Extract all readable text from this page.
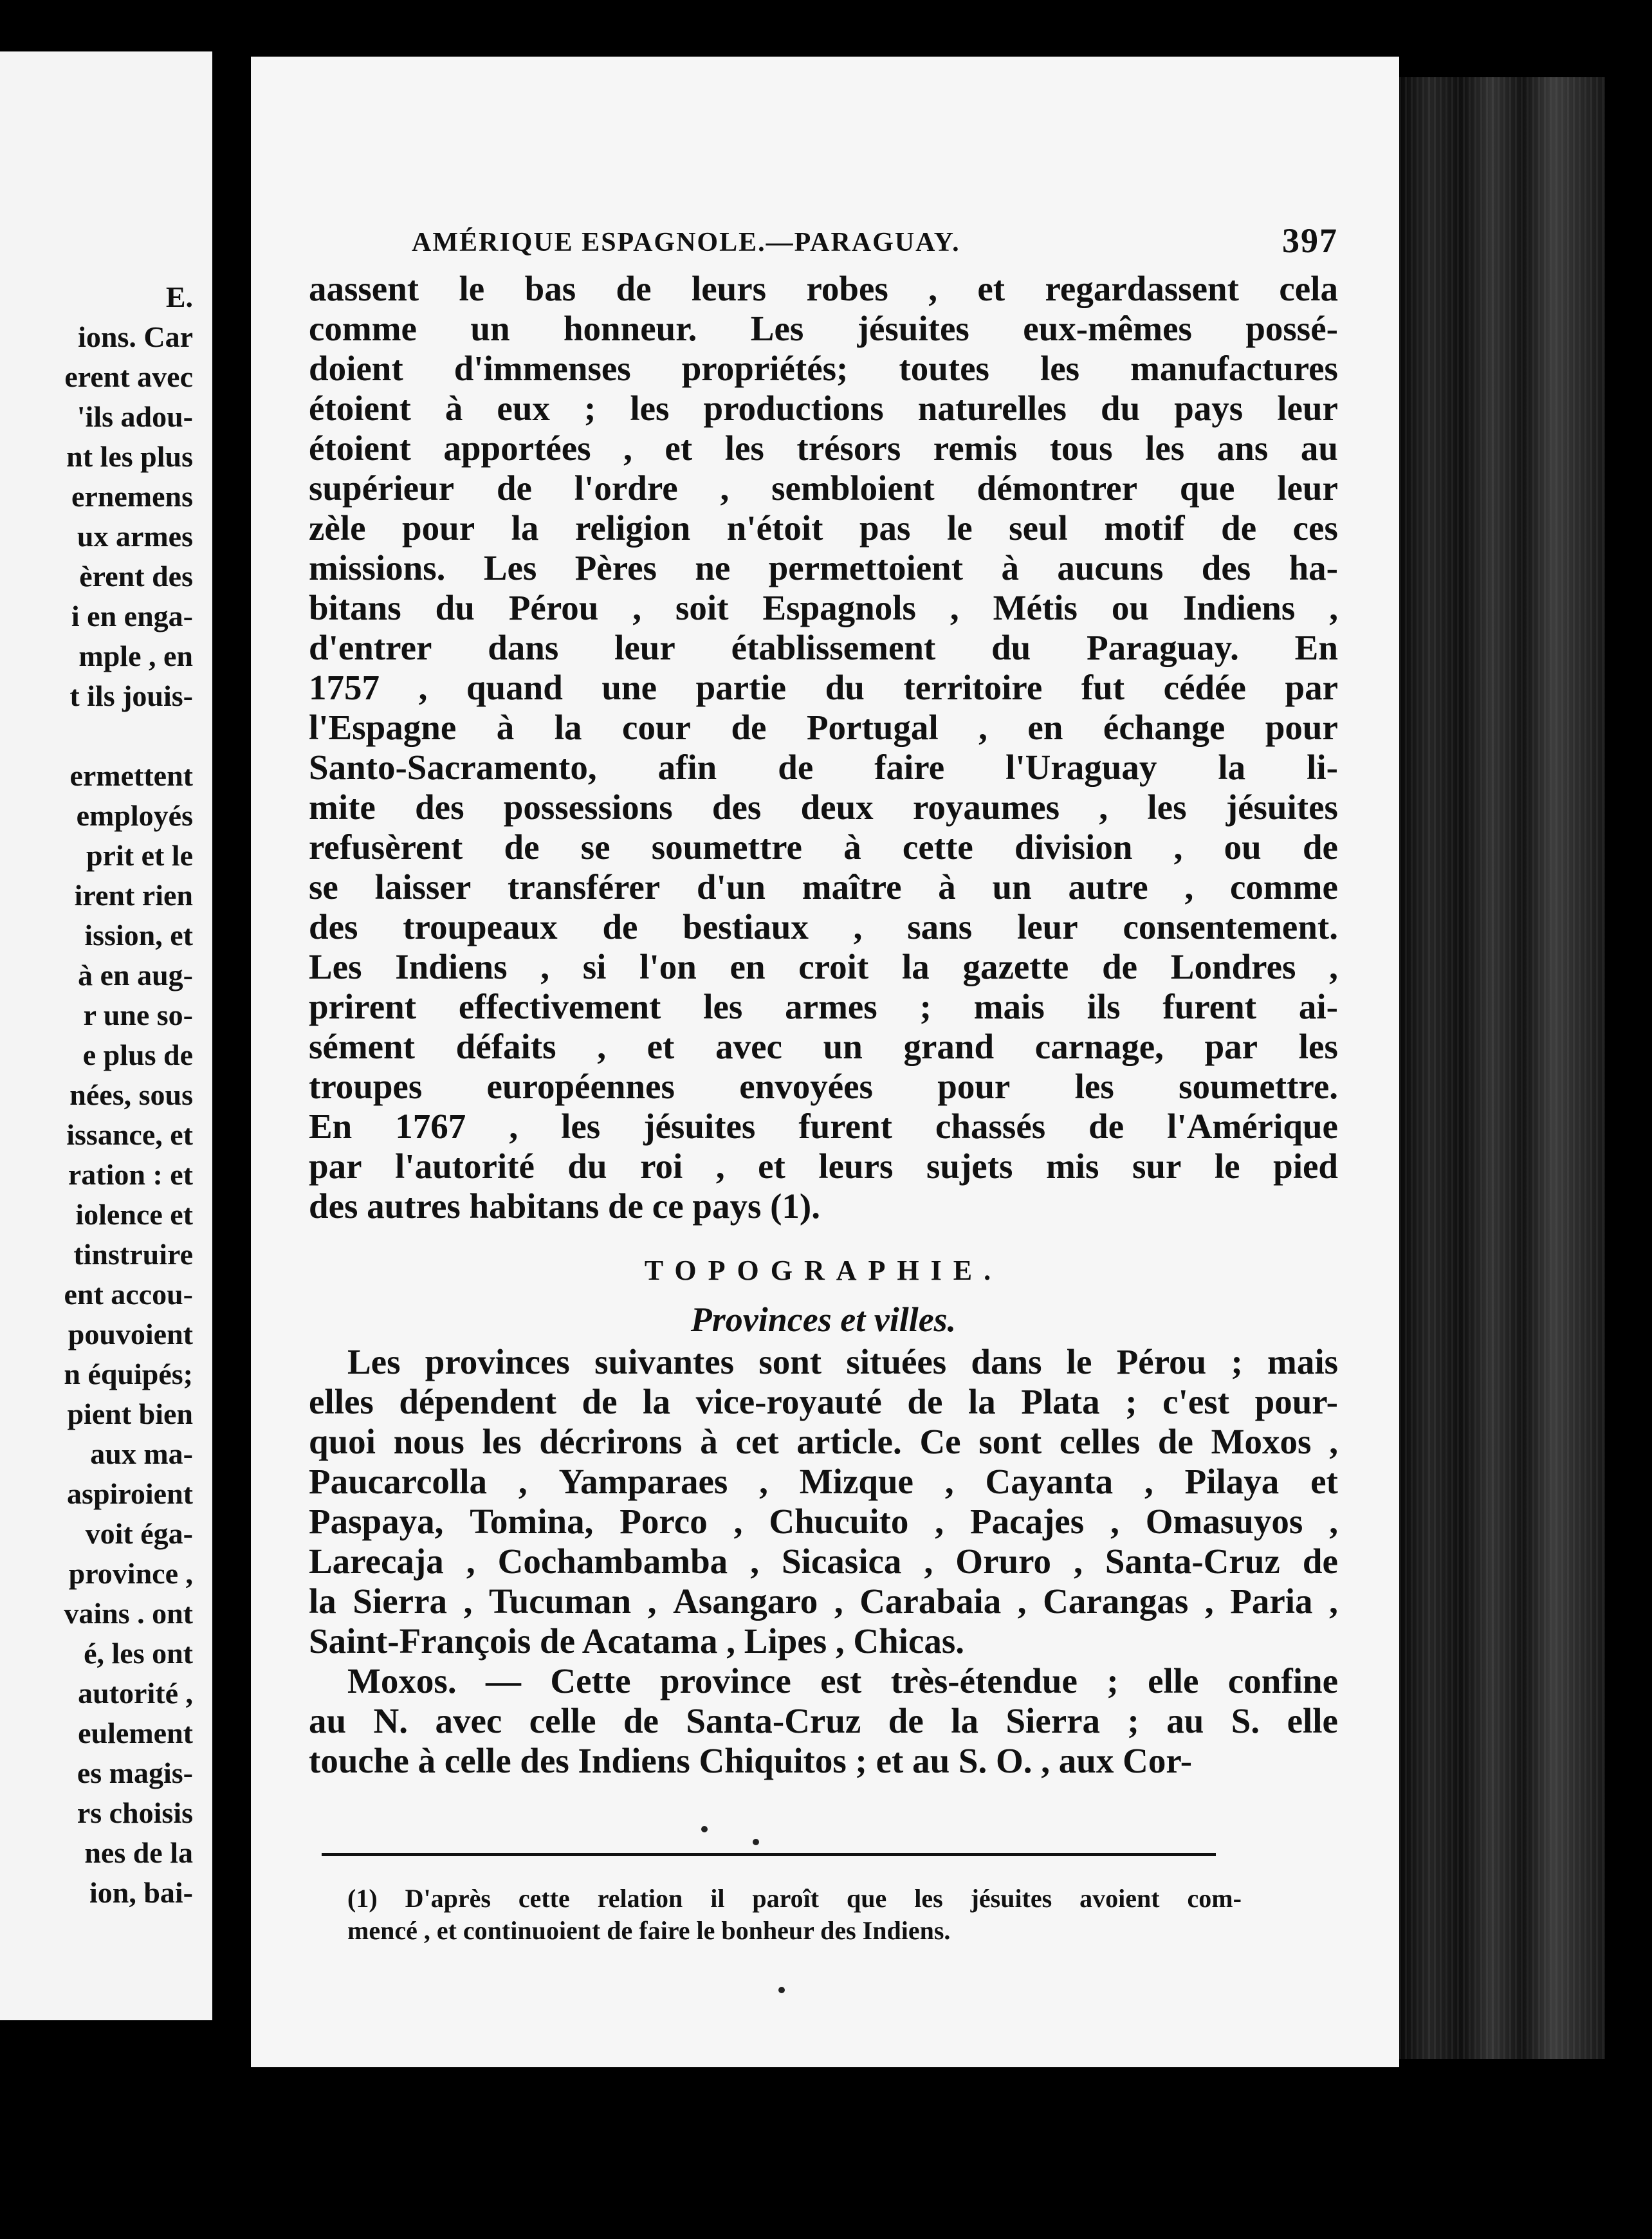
E.
ions. Car
erent avec
'ils adou-
nt les plus
ernemens
ux armes
èrent des
i en enga-
mple , en
t ils jouis-
ermettent
employés
prit et le
irent rien
ission, et
à en aug-
r une so-
e plus de
nées, sous
issance, et
ration : et
iolence et
tinstruire
ent accou-
pouvoient
n équipés;
pient bien
aux ma-
aspiroient
voit éga-
province ,
vains . ont
é, les ont
autorité ,
eulement
es magis-
rs choisis
nes de la
ion, bai-
AMÉRIQUE ESPAGNOLE.—PARAGUAY.	397
aassent le bas de leurs robes , et regardassent cela
comme un honneur. Les jésuites eux-mêmes possé-
doient d'immenses propriétés; toutes les manufactures
étoient à eux ; les productions naturelles du pays leur
étoient apportées , et les trésors remis tous les ans au
supérieur de l'ordre , sembloient démontrer que leur
zèle pour la religion n'étoit pas le seul motif de ces
missions. Les Pères ne permettoient à aucuns des ha-
bitans du Pérou , soit Espagnols , Métis ou Indiens ,
d'entrer dans leur établissement du Paraguay. En
1757 , quand une partie du territoire fut cédée par
l'Espagne à la cour de Portugal , en échange pour
Santo-Sacramento, afin de faire l'Uraguay la li-
mite des possessions des deux royaumes , les jésuites
refusèrent de se soumettre à cette division , ou de
se laisser transférer d'un maître à un autre , comme
des troupeaux de bestiaux , sans leur consentement.
Les Indiens , si l'on en croit la gazette de Londres ,
prirent effectivement les armes ; mais ils furent ai-
sément défaits , et avec un grand carnage, par les
troupes européennes envoyées pour les soumettre.
En 1767 , les jésuites furent chassés de l'Amérique
par l'autorité du roi , et leurs sujets mis sur le pied
des autres habitans de ce pays (1).
TOPOGRAPHIE.
Provinces et villes.
Les provinces suivantes sont situées dans le Pérou ; mais
elles dépendent de la vice-royauté de la Plata ; c'est pour-
quoi nous les décrirons à cet article. Ce sont celles de Moxos ,
Paucarcolla , Yamparaes , Mizque , Cayanta , Pilaya et
Paspaya, Tomina, Porco , Chucuito , Pacajes , Omasuyos ,
Larecaja , Cochambamba , Sicasica , Oruro , Santa-Cruz de
la Sierra , Tucuman , Asangaro , Carabaia , Carangas , Paria ,
Saint-François de Acatama , Lipes , Chicas.
Moxos. — Cette province est très-étendue ; elle confine
au N. avec celle de Santa-Cruz de la Sierra ; au S. elle
touche à celle des Indiens Chiquitos ; et au S. O. , aux Cor-
(1) D'après cette relation il paroît que les jésuites avoient com-
mencé , et continuoient de faire le bonheur des Indiens.
